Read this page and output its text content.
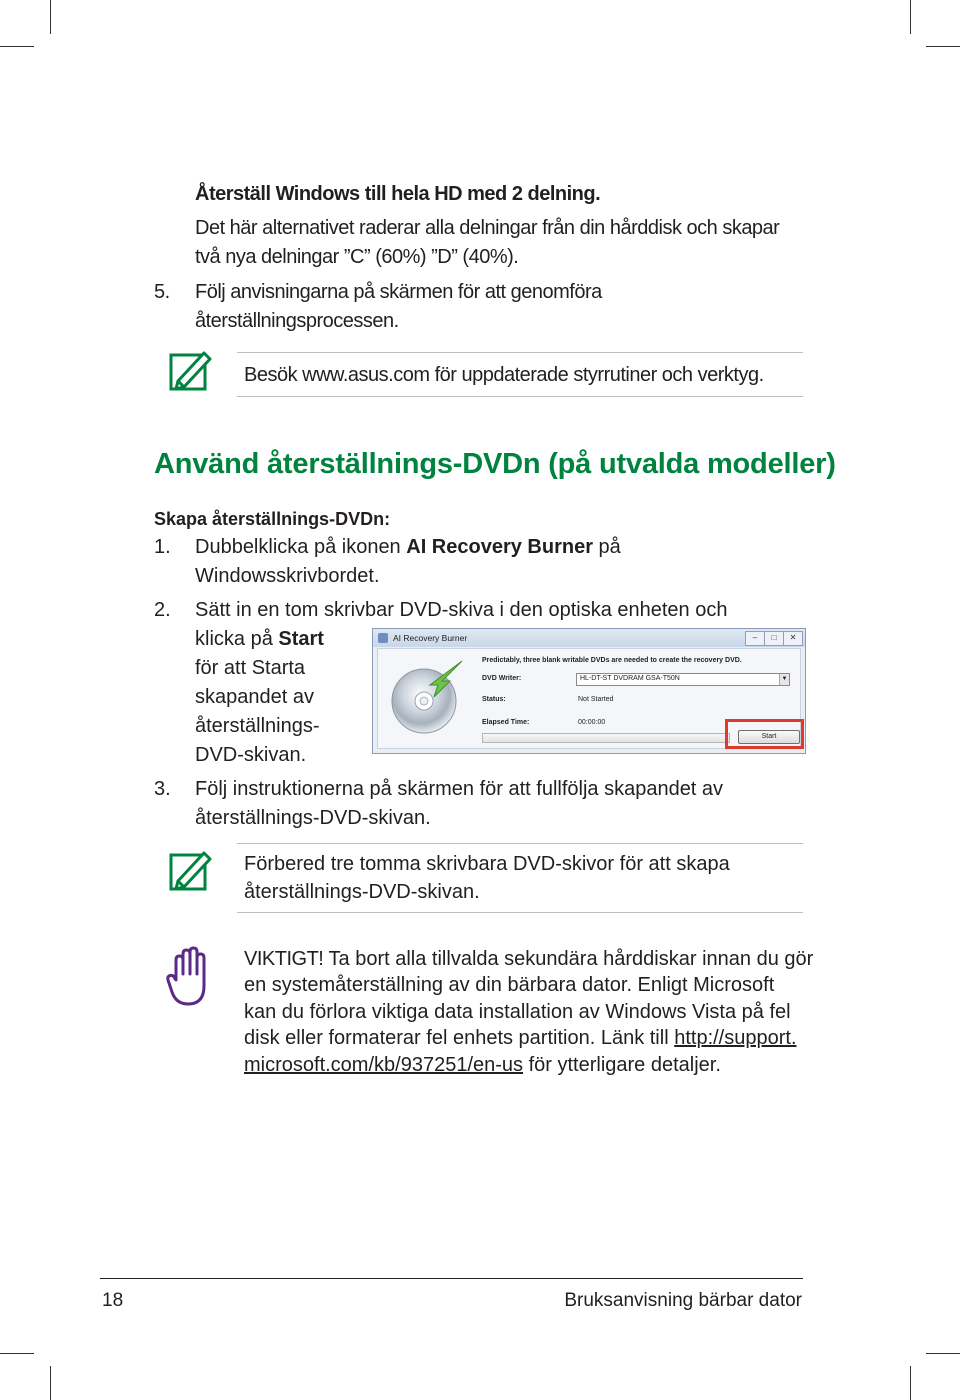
Återställ Windows till hela HD med 2 delning.
Det här alternativet raderar alla delningar från din hårddisk och skapar
två nya delningar ”C” (60%) ”D” (40%).
5. Följ anvisningarna på skärmen för att genomföra
återställningsprocessen.
Besök www.asus.com för uppdaterade styrrutiner och verktyg.
Använd återställnings-DVDn (på utvalda modeller)
Skapa återställnings-DVDn:
1. Dubbelklicka på ikonen AI Recovery Burner på
Windowsskrivbordet.
2. Sätt in en tom skrivbar DVD-skiva i den optiska enheten och
klicka på Start
för att Starta
skapandet av
återställnings-
DVD-skivan.
AI Recovery Burner	–	□	✕
Predictably, three blank writable DVDs are needed to create the recovery DVD.
DVD Writer:	HL-DT-ST DVDRAM GSA-T50N	▼
Status:	Not Started
Elapsed Time:	00:00:00
Start
3. Följ instruktionerna på skärmen för att fullfölja skapandet av
återställnings-DVD-skivan.
Förbered tre tomma skrivbara DVD-skivor för att skapa
återställnings-DVD-skivan.
VIKTIGT! Ta bort alla tillvalda sekundära hårddiskar innan du gör
en systemåterställning av din bärbara dator. Enligt Microsoft
kan du förlora viktiga data installation av Windows Vista på fel
disk eller formaterar fel enhets partition. Länk till http://support.
microsoft.com/kb/937251/en-us för ytterligare detaljer.
18	Bruksanvisning bärbar dator
